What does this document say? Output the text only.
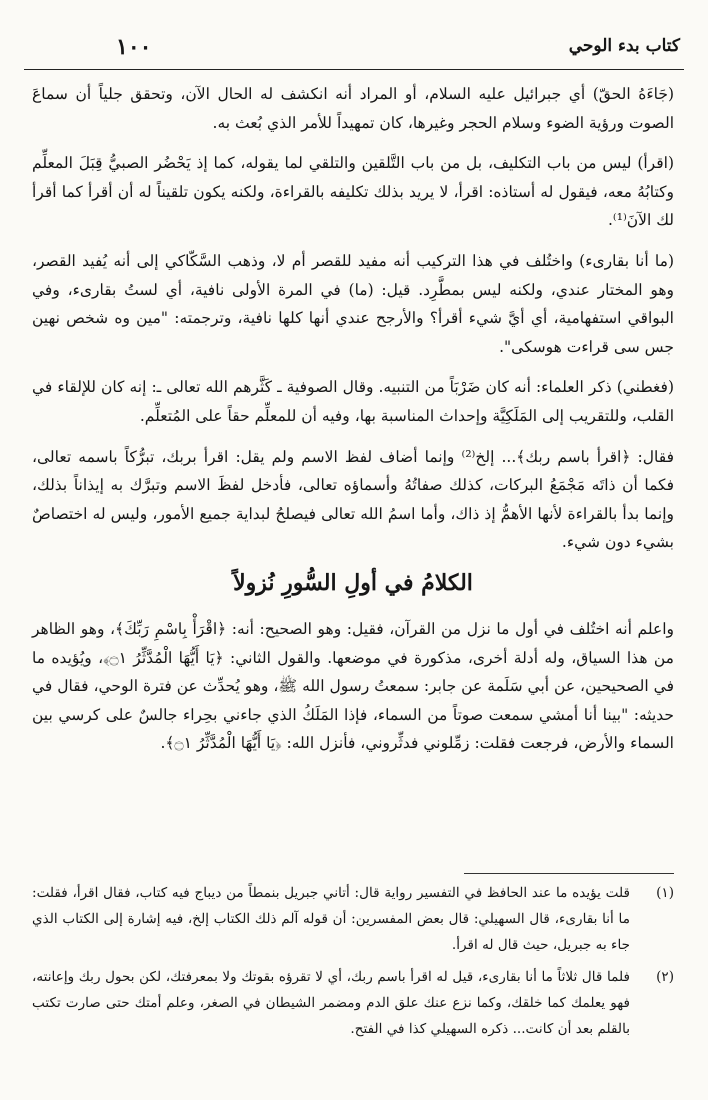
١٠٠	كتاب بدء الوحي

(جَاءَهُ الحقّ) أي جبرائيل عليه السلام، أو المراد أنه انكشف له الحال الآن، وتحقق جلياً أن سماعَ الصوت ورؤية الضوء وسلام الحجر وغيرها، كان تمهيداً للأمر الذي بُعث به.

(اقرأ) ليس من باب التكليف، بل من باب التَّلقين والتلقي لما يقوله، كما إذ يَحْضُر الصبيُّ قِبَلَ المعلِّم وكتابُهُ معه، فيقول له أستاذه: اقرأ، لا يريد بذلك تكليفه بالقراءة، ولكنه يكون تلقيناً له أن أقرأ كما أقرأ لك الآنَ⁽¹⁾.

(ما أنا بقارىء) واختُلف في هذا التركيب أنه مفيد للقصر أم لا، وذهب السَّكّاكي إلى أنه يُفيد القصر، وهو المختار عندي، ولكنه ليس بمطَّرِد. قيل: (ما) في المرة الأولى نافية، أي لستُ بقارىء، وفي البواقي استفهامية، أي أيَّ شيء أقرأ؟ والأرجح عندي أنها كلها نافية، وترجمته: "مين وه شخص نهين جس سى قراءت هوسكى".

(فغطني) ذكر العلماء: أنه كان ضَرْبَاً من التنبيه. وقال الصوفية ـ كَثَّرهم الله تعالى ـ: إنه كان للإلقاء في القلب، وللتقريب إلى المَلَكِيَّة وإحداث المناسبة بها، وفيه أن للمعلِّم حقاً على المُتعلِّم.

فقال: ﴿اقرأ باسم ربك﴾... إلخ⁽²⁾ وإنما أضاف لفظ الاسم ولم يقل: اقرأ بربك، تبرُّكاً باسمه تعالى، فكما أن ذاتَه مَجْمَعُ البركات، كذلك صفاتُهُ وأسماؤه تعالى، فأدخل لفظَ الاسم وتبرَّك به إيذاناً بذلك، وإنما بدأ بالقراءة لأنها الأهمُّ إذ ذاك، وأما اسمُ الله تعالى فيصلحُ لبداية جميع الأمور، وليس له اختصاصٌ بشيء دون شيء.

الكلامُ في أولِ السُّورِ نُزولاً

واعلم أنه اختُلف في أول ما نزل من القرآن، فقيل: وهو الصحيح: أنه: ﴿اقْرَأْ بِاسْمِ رَبِّكَ﴾، وهو الظاهر من هذا السياق، وله أدلة أخرى، مذكورة في موضعها. والقول الثاني: ﴿يَا أَيُّهَا الْمُدَّثِّرُ ۝١﴾، ويُؤيده ما في الصحيحين، عن أبي سَلَمة عن جابر: سمعتُ رسول الله ﷺ، وهو يُحدِّث عن فترة الوحي، فقال في حديثه: "بينا أنا أمشي سمعت صوتاً من السماء، فإذا المَلَكُ الذي جاءني بحِراء جالسٌ على كرسي بين السماء والأرض، فرجعت فقلت: زمِّلوني فدثِّروني، فأنزل الله: ﴿يَا أَيُّهَا الْمُدَّثِّرُ ۝١﴾.

(١)
قلت يؤيده ما عند الحافظ في التفسير رواية قال: أتاني جبريل بنمطاً من ديباج فيه كتاب، فقال اقرأ، فقلت: ما أنا بقارىء، قال السهيلي: قال بعض المفسرين: أن قوله آلم ذلك الكتاب إلخ، فيه إشارة إلى الكتاب الذي جاء به جبريل، حيث قال له اقرأ.
(٢)
فلما قال ثلاثاً ما أنا بقارىء، قيل له اقرأ باسم ربك، أي لا تقرؤه بقوتك ولا بمعرفتك، لكن بحول ربك وإعانته، فهو يعلمك كما خلقك، وكما نزع عنك علق الدم ومضمر الشيطان في الصغر، وعلم أمتك حتى صارت تكتب بالقلم بعد أن كانت... ذكره السهيلي كذا في الفتح.
